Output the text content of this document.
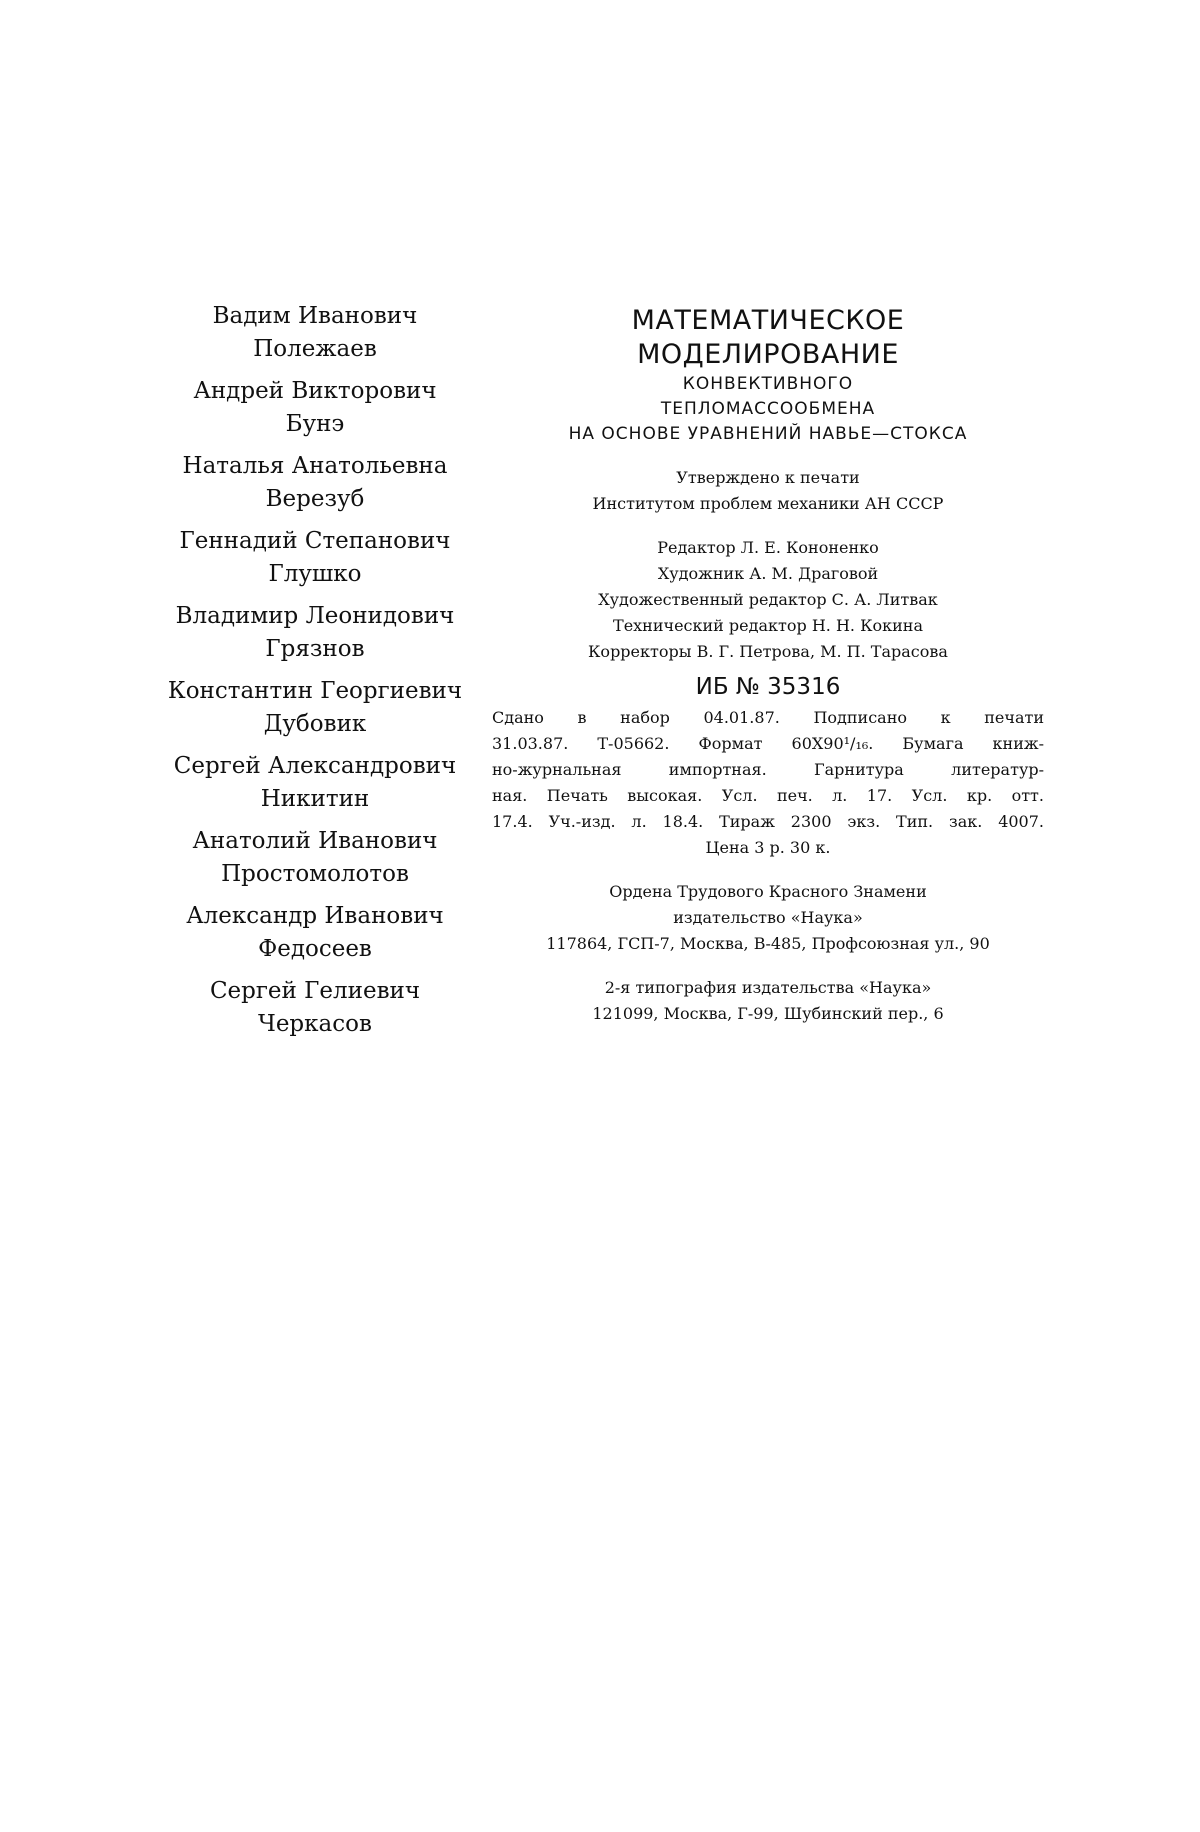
Вадим Иванович
Полежаев
Андрей Викторович
Бунэ
Наталья Анатольевна
Верезуб
Геннадий Степанович
Глушко
Владимир Леонидович
Грязнов
Константин Георгиевич
Дубовик
Сергей Александрович
Никитин
Анатолий Иванович
Простомолотов
Александр Иванович
Федосеев
Сергей Гелиевич
Черкасов

МАТЕМАТИЧЕСКОЕ

МОДЕЛИРОВАНИЕ

КОНВЕКТИВНОГО

ТЕПЛОМАССООБМЕНА

НА ОСНОВЕ УРАВНЕНИЙ НАВЬЕ—СТОКСА

Утверждено к печати

Институтом проблем механики АН СССР

Редактор Л. Е. Кононенко

Художник А. М. Драговой

Художественный редактор С. А. Литвак

Технический редактор Н. Н. Кокина

Корректоры В. Г. Петрова, М. П. Тарасова

ИБ № 35316

Сдано в набор 04.01.87. Подписано к печати

31.03.87. Т-05662. Формат 60Х90¹/₁₆. Бумага книж-

но-журнальная импортная. Гарнитура литератур-

ная. Печать высокая. Усл. печ. л. 17. Усл. кр. отт.

17.4. Уч.-изд. л. 18.4. Тираж 2300 экз. Тип. зак. 4007.

Цена 3 р. 30 к.

Ордена Трудового Красного Знамени

издательство «Наука»

117864, ГСП-7, Москва, В-485, Профсоюзная ул., 90

2-я типография издательства «Наука»

121099, Москва, Г-99, Шубинский пер., 6
